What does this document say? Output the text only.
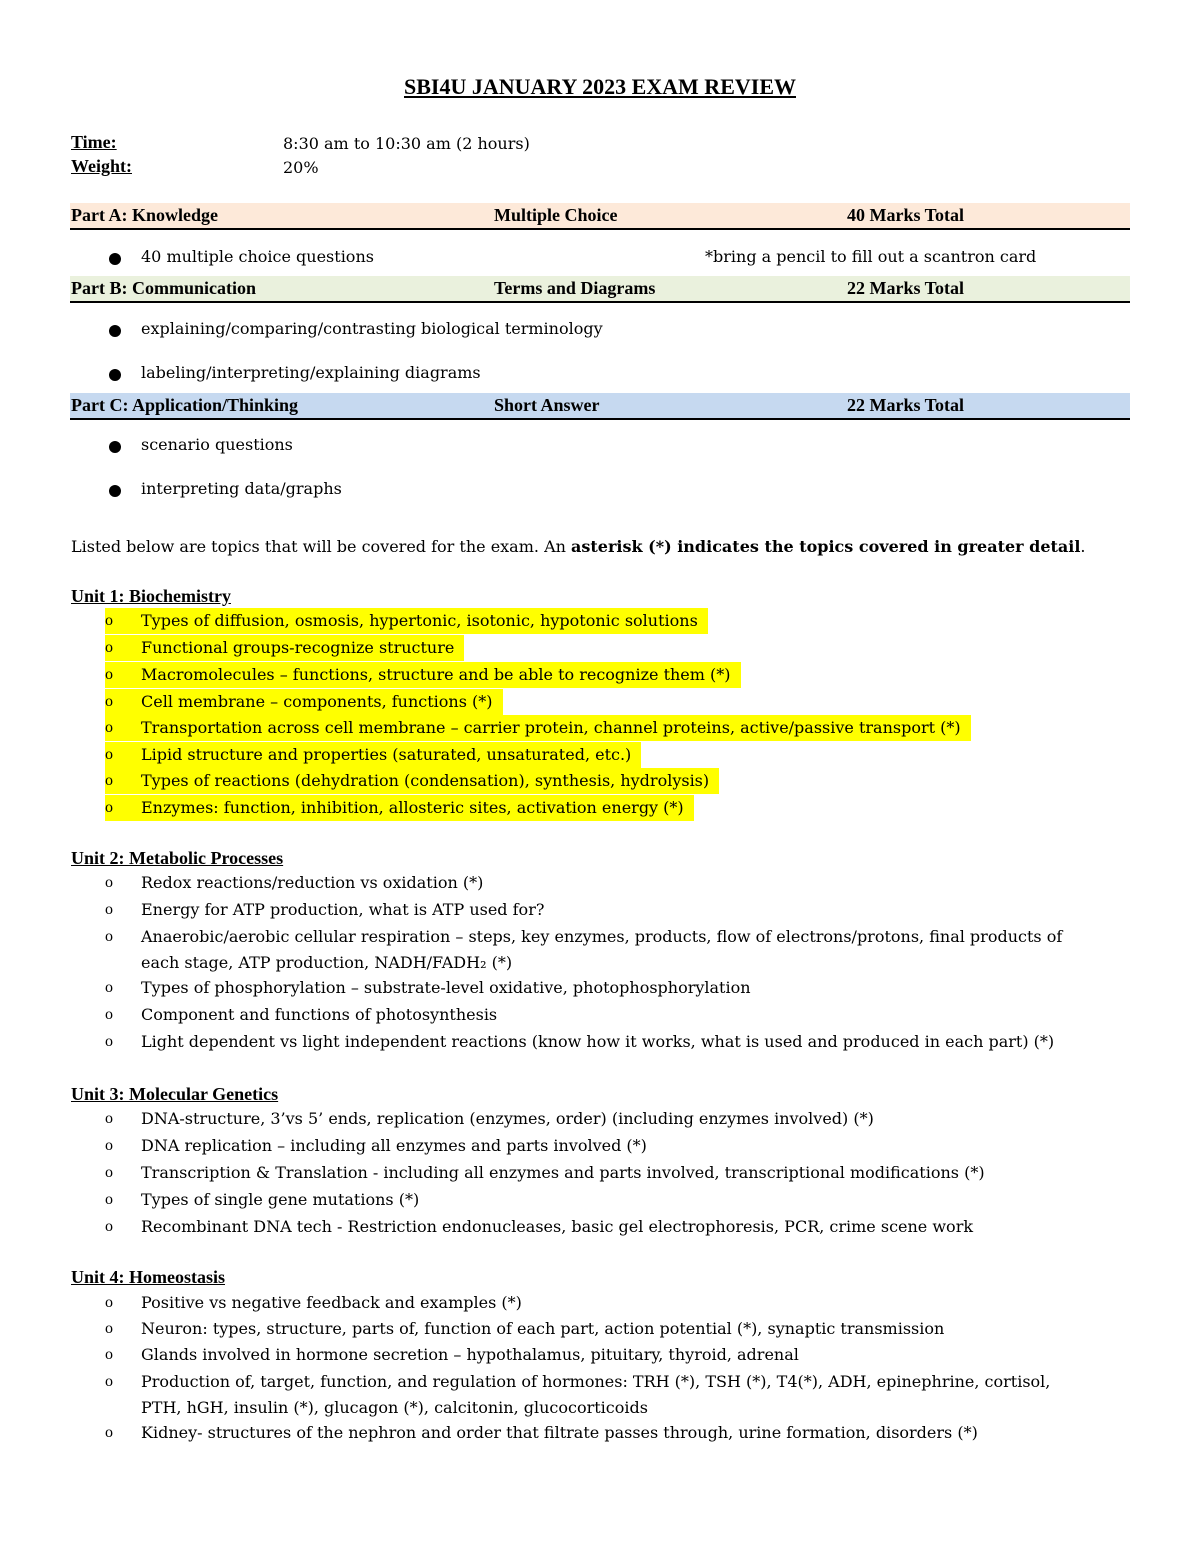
SBI4U JANUARY 2023 EXAM REVIEW
Time:	8:30 am to 10:30 am (2 hours)
Weight:	20%
Part A: Knowledge	Multiple Choice	40 Marks Total
40 multiple choice questions	*bring a pencil to fill out a scantron card
Part B: Communication	Terms and Diagrams	22 Marks Total
explaining/comparing/contrasting biological terminology
labeling/interpreting/explaining diagrams
Part C: Application/Thinking	Short Answer	22 Marks Total
scenario questions
interpreting data/graphs
Listed below are topics that will be covered for the exam. An asterisk (*) indicates the topics covered in greater detail.
Unit 1: Biochemistry
o	Types of diffusion, osmosis, hypertonic, isotonic, hypotonic solutions
o	Functional groups-recognize structure
o	Macromolecules – functions, structure and be able to recognize them (*)
o	Cell membrane – components, functions (*)
o	Transportation across cell membrane – carrier protein, channel proteins, active/passive transport (*)
o	Lipid structure and properties (saturated, unsaturated, etc.)
o	Types of reactions (dehydration (condensation), synthesis, hydrolysis)
o	Enzymes: function, inhibition, allosteric sites, activation energy (*)
Unit 2: Metabolic Processes
o	Redox reactions/reduction vs oxidation (*)
o	Energy for ATP production, what is ATP used for?
o	Anaerobic/aerobic cellular respiration – steps, key enzymes, products, flow of electrons/protons, final products of
each stage, ATP production, NADH/FADH₂ (*)
o	Types of phosphorylation – substrate-level oxidative, photophosphorylation
o	Component and functions of photosynthesis
o	Light dependent vs light independent reactions (know how it works, what is used and produced in each part) (*)
Unit 3: Molecular Genetics
o	DNA-structure, 3’vs 5’ ends, replication (enzymes, order) (including enzymes involved) (*)
o	DNA replication – including all enzymes and parts involved (*)
o	Transcription & Translation - including all enzymes and parts involved, transcriptional modifications (*)
o	Types of single gene mutations (*)
o	Recombinant DNA tech - Restriction endonucleases, basic gel electrophoresis, PCR, crime scene work
Unit 4: Homeostasis
o	Positive vs negative feedback and examples (*)
o	Neuron: types, structure, parts of, function of each part, action potential (*), synaptic transmission
o	Glands involved in hormone secretion – hypothalamus, pituitary, thyroid, adrenal
o	Production of, target, function, and regulation of hormones: TRH (*), TSH (*), T4(*), ADH, epinephrine, cortisol,
PTH, hGH, insulin (*), glucagon (*), calcitonin, glucocorticoids
o	Kidney- structures of the nephron and order that filtrate passes through, urine formation, disorders (*)
